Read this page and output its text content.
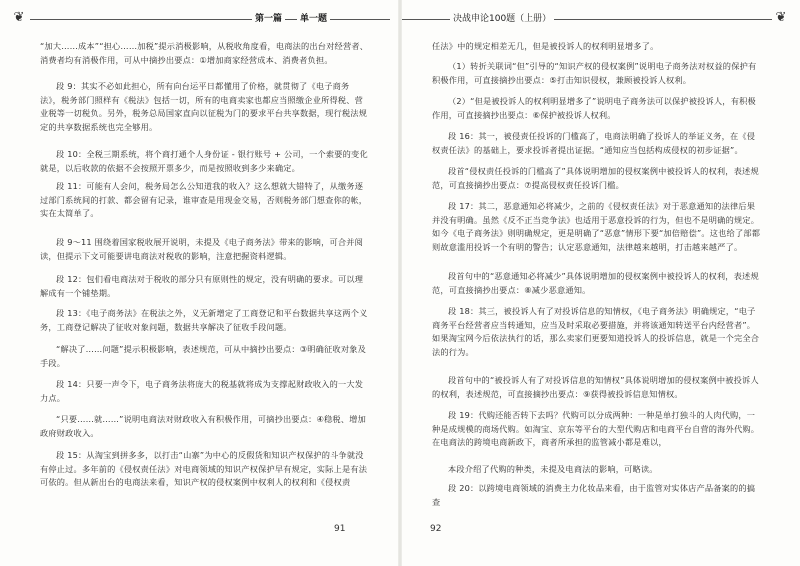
❦	第一篇	单一题

“加大……成本”“担心……加税”提示消极影响，从税收角度看，电商法的出台对经营者、消费者均有消极作用，可从中摘抄出要点：①增加商家经营成本、消费者负担。

段 9：其实不必如此担心，所有向台运平日都懂用了价格，就贯彻了《电子商务法》，税务部门照样有《税法》包括一切，所有的电商卖家也都应当照缴企业所得税、营业税等一切税负。另外，税务总局国家直向以征税为门的要求平台共享数据，现行税法规定的共享数据系统也完全够用。

段 10：全税三期系统，将个商打通个人身份证 - 银行账号 + 公司，一个索要的变化就是，以后收款的依据不会按照开票多少，而是按照收到多少来确定。

段 11：可能有人会问，税务局怎么公知道我的收入？这么想就大错特了，从缴务逐过部门系统间的打款、都会留有记录，谁审查是用现金交易，否则税务部门想查你的帐，实在太简单了。

段 9～11 围绕着国家税收展开说明，未提及《电子商务法》带来的影响，可合并阅读，但提示下文可能要讲电商法对税收的影响，注意把握资料逻辑。

段 12：包们看电商法对于税收的部分只有原则性的规定，没有明确的要求。可以理解成有一个铺垫期。

段 13：《电子商务法》在税法之外，义无新增定了工商登记和平台数据共享这两个义务，工商登记解决了征收对象问题，数据共享解决了征收手段问题。

“解决了……问题”提示积极影响，表述规范，可从中摘抄出要点：③明确征收对象及手段。

段 14：只要一声令下，电子商务法将庞大的税基就将成为支撑起财政收入的一大发力点。

“只要……就……”说明电商法对财政收入有积极作用，可摘抄出要点：④稳税、增加政府财政收入。

段 15：从淘宝到拼多多，以打击“山寨”为中心的反假货和知识产权保护的斗争就没有停止过。多年前的《侵权责任法》对电商领域的知识产权保护早有规定，实际上是有法可依的。但从新出台的电商法来看，知识产权的侵权案例中权利人的权利和《侵权责

91
决战申论100题（上册）	❦

任法》中的规定相差无几，但是被投诉人的权利明显增多了。

（1）转折关联词“但”引导的“知识产权的侵权案例”说明电子商务法对权益的保护有积极作用，可直接摘抄出要点：⑤打击知识侵权，兼顾被投诉人权利。

（2）“但是被投诉人的权利明显增多了”说明电子商务法可以保护被投诉人，有积极作用，可直接摘抄出要点：⑥保护被投诉人权利。

段 16：其一，被侵责任投诉的门槛高了，电商法明确了投诉人的举证义务，在《侵权责任法》的基础上，要求投诉者提出证据。“通知应当包括构成侵权的初步证据”。

段首“侵权责任投诉的门槛高了”具体说明增加的侵权案例中被投诉人的权利，表述规范，可直接摘抄出要点：⑦提高侵权责任投诉门槛。

段 17：其二，恶意通知必将减少，之前的《侵权责任法》对于恶意通知的法律后果并没有明确。虽然《反不正当竞争法》也适用于恶意投诉的行为，但也不是明确的规定。如今《电子商务法》则明确规定，更是明确了“恶意”情形下要“加倍赔偿”。这也给了部都则故意滥用投诉一个有明的警告；认定恶意通知，法律越来越明，打击越来越严了。

段首句中的“恶意通知必将减少”具体说明增加的侵权案例中被投诉人的权利，表述规范，可直接摘抄出要点：⑧减少恶意通知。

段 18：其三，被投诉人有了对投诉信息的知情权，《电子商务法》明确规定，“电子商务平台经营者应当转通知，应当及时采取必要措施，并将该通知转送平台内经营者”。如果淘宝网今后依法执行的话，那么卖家们更要知道投诉人的投诉信息，就是一个完全合法的行为。

段首句中的“被投诉人有了对投诉信息的知情权”具体说明增加的侵权案例中被投诉人的权利，表述规范，可直接摘抄出要点：⑨获得被投诉信息知情权。

段 19：代购还能否转下去吗？代购可以分成两种：一种是单打独斗的人肉代购，一种是成规模的商场代购。如淘宝、京东等平台的大型代购店和电商平台自营的海外代购。在电商法的跨境电商新政下，商者所承担的监管减小都是难以，

本段介绍了代购的种类，未提及电商法的影响，可略读。

段 20：以跨境电商领域的消费主力化妆品来看，由于监管对实体店产品备案的的搞查

92
